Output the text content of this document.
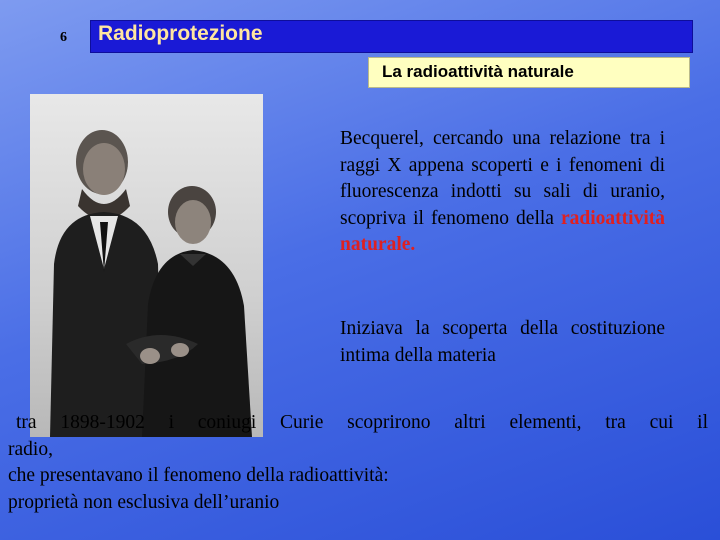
6 Radioprotezione
La radioattività naturale
Becquerel, cercando una relazione tra i raggi X appena scoperti e i fenomeni di fluorescenza indotti su sali di uranio, scopriva il fenomeno della radioattività naturale.
Iniziava la scoperta della costituzione intima della materia
tra 1898-1902 i coniugi Curie scoprirono altri elementi, tra cui il
radio,
che presentavano il fenomeno della radioattività:
proprietà non esclusiva dell’uranio
